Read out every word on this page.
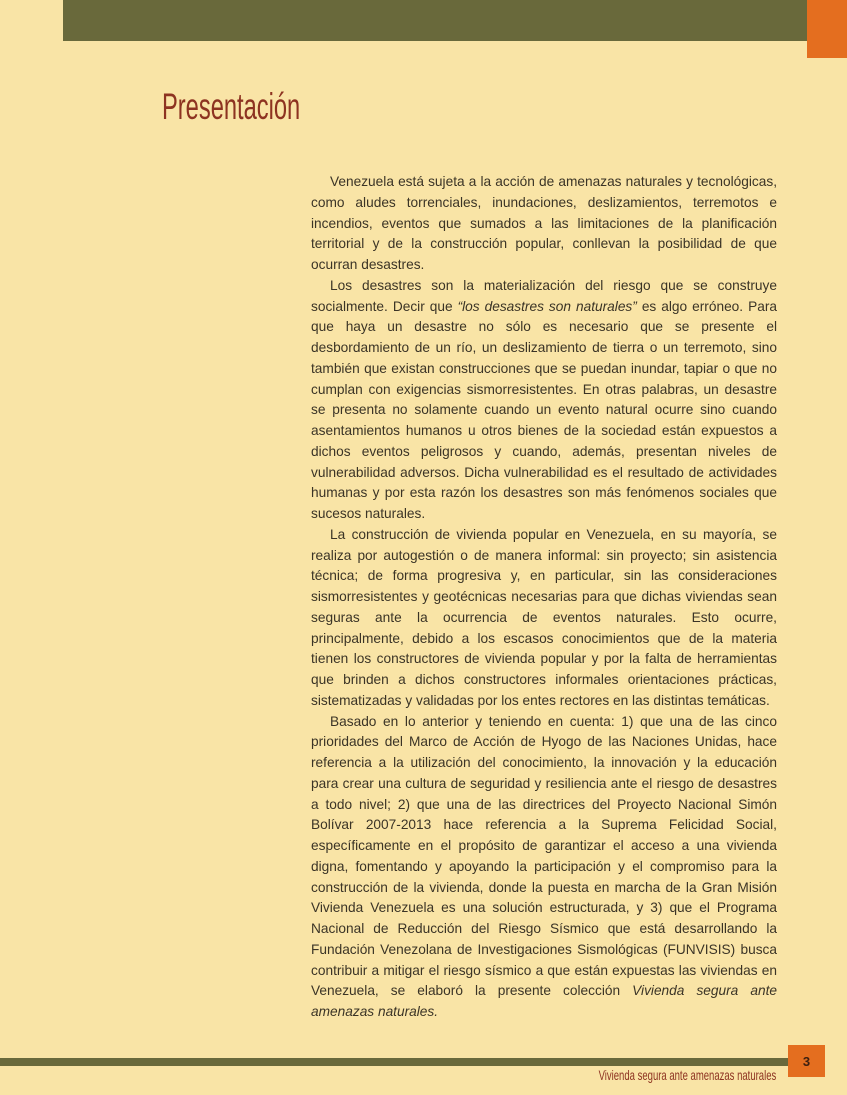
Presentación

Venezuela está sujeta a la acción de amenazas naturales y tecnológicas, como aludes torrenciales, inundaciones, deslizamientos, terremotos e incendios, eventos que sumados a las limitaciones de la planificación territorial y de la construcción popular, conllevan la posibilidad de que ocurran desastres.

Los desastres son la materialización del riesgo que se construye socialmente. Decir que “los desastres son naturales” es algo erróneo. Para que haya un desastre no sólo es necesario que se presente el desbordamiento de un río, un deslizamiento de tierra o un terremoto, sino también que existan construcciones que se puedan inundar, tapiar o que no cumplan con exigencias sismorresistentes. En otras palabras, un desastre se presenta no solamente cuando un evento natural ocurre sino cuando asentamientos humanos u otros bienes de la sociedad están expuestos a dichos eventos peligrosos y cuando, además, presentan niveles de vulnerabilidad adversos. Dicha vulnerabilidad es el resultado de actividades humanas y por esta razón los desastres son más fenómenos sociales que sucesos naturales.

La construcción de vivienda popular en Venezuela, en su mayoría, se realiza por autogestión o de manera informal: sin proyecto; sin asistencia técnica; de forma progresiva y, en particular, sin las consideraciones sismorresistentes y geotécnicas necesarias para que dichas viviendas sean seguras ante la ocurrencia de eventos naturales. Esto ocurre, principalmente, debido a los escasos conocimientos que de la materia tienen los constructores de vivienda popular y por la falta de herramientas que brinden a dichos constructores informales orientaciones prácticas, sistematizadas y validadas por los entes rectores en las distintas temáticas.

Basado en lo anterior y teniendo en cuenta: 1) que una de las cinco prioridades del Marco de Acción de Hyogo de las Naciones Unidas, hace referencia a la utilización del conocimiento, la innovación y la educación para crear una cultura de seguridad y resiliencia ante el riesgo de desastres a todo nivel; 2) que una de las directrices del Proyecto Nacional Simón Bolívar 2007-2013 hace referencia a la Suprema Felicidad Social, específicamente en el propósito de garantizar el acceso a una vivienda digna, fomentando y apoyando la participación y el compromiso para la construcción de la vivienda, donde la puesta en marcha de la Gran Misión Vivienda Venezuela es una solución estructurada, y 3) que el Programa Nacional de Reducción del Riesgo Sísmico que está desarrollando la Fundación Venezolana de Investigaciones Sismológicas (FUNVISIS) busca contribuir a mitigar el riesgo sísmico a que están expuestas las viviendas en Venezuela, se elaboró la presente colección Vivienda segura ante amenazas naturales.

3
Vivienda segura ante amenazas naturales
